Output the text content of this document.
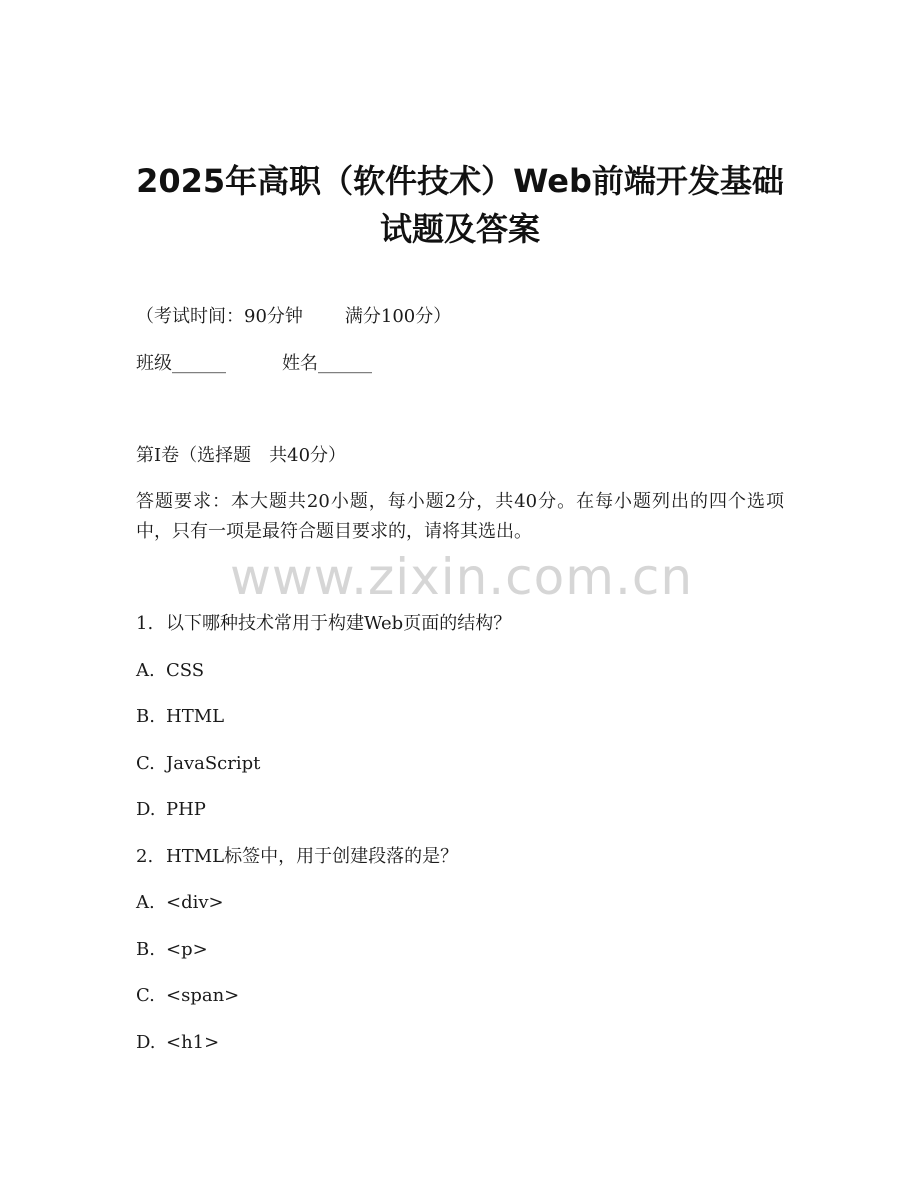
2025年高职（软件技术）Web前端开发基础
试题及答案

（考试时间：90分钟 满分100分）

班级______	姓名______

第I卷（选择题 共40分）

答题要求：本大题共20小题，每小题2分，共40分。在每小题列出的四个选项中，只有一项是最符合题目要求的，请将其选出。

www.zixin.com.cn
1. 以下哪种技术常用于构建Web页面的结构？
A. CSS
B. HTML
C. JavaScript
D. PHP
2. HTML标签中，用于创建段落的是？
A. <div>
B. <p>
C. <span>
D. <h1>
